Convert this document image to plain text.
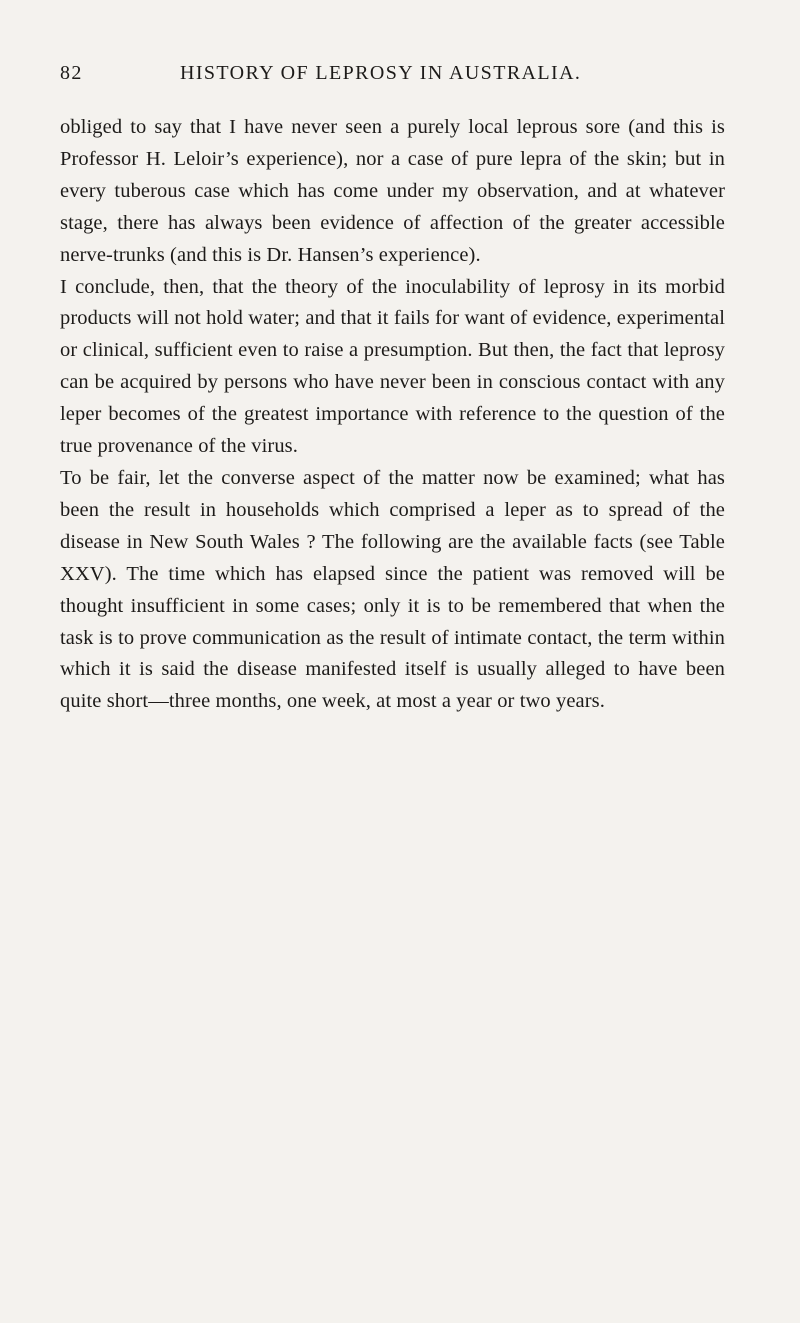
82	HISTORY OF LEPROSY IN AUSTRALIA.

obliged to say that I have never seen a purely local leprous sore (and this is Professor H. Leloir’s experience), nor a case of pure lepra of the skin; but in every tuberous case which has come under my observation, and at whatever stage, there has always been evidence of affection of the greater accessible nerve-trunks (and this is Dr. Hansen’s experience).

I conclude, then, that the theory of the inoculability of leprosy in its morbid products will not hold water; and that it fails for want of evidence, experimental or clinical, sufficient even to raise a presumption. But then, the fact that leprosy can be acquired by persons who have never been in conscious contact with any leper becomes of the greatest importance with reference to the question of the true provenance of the virus.

To be fair, let the converse aspect of the matter now be examined; what has been the result in households which comprised a leper as to spread of the disease in New South Wales ? The following are the available facts (see Table XXV). The time which has elapsed since the patient was removed will be thought insufficient in some cases; only it is to be remembered that when the task is to prove communication as the result of intimate contact, the term within which it is said the disease manifested itself is usually alleged to have been quite short—three months, one week, at most a year or two years.
